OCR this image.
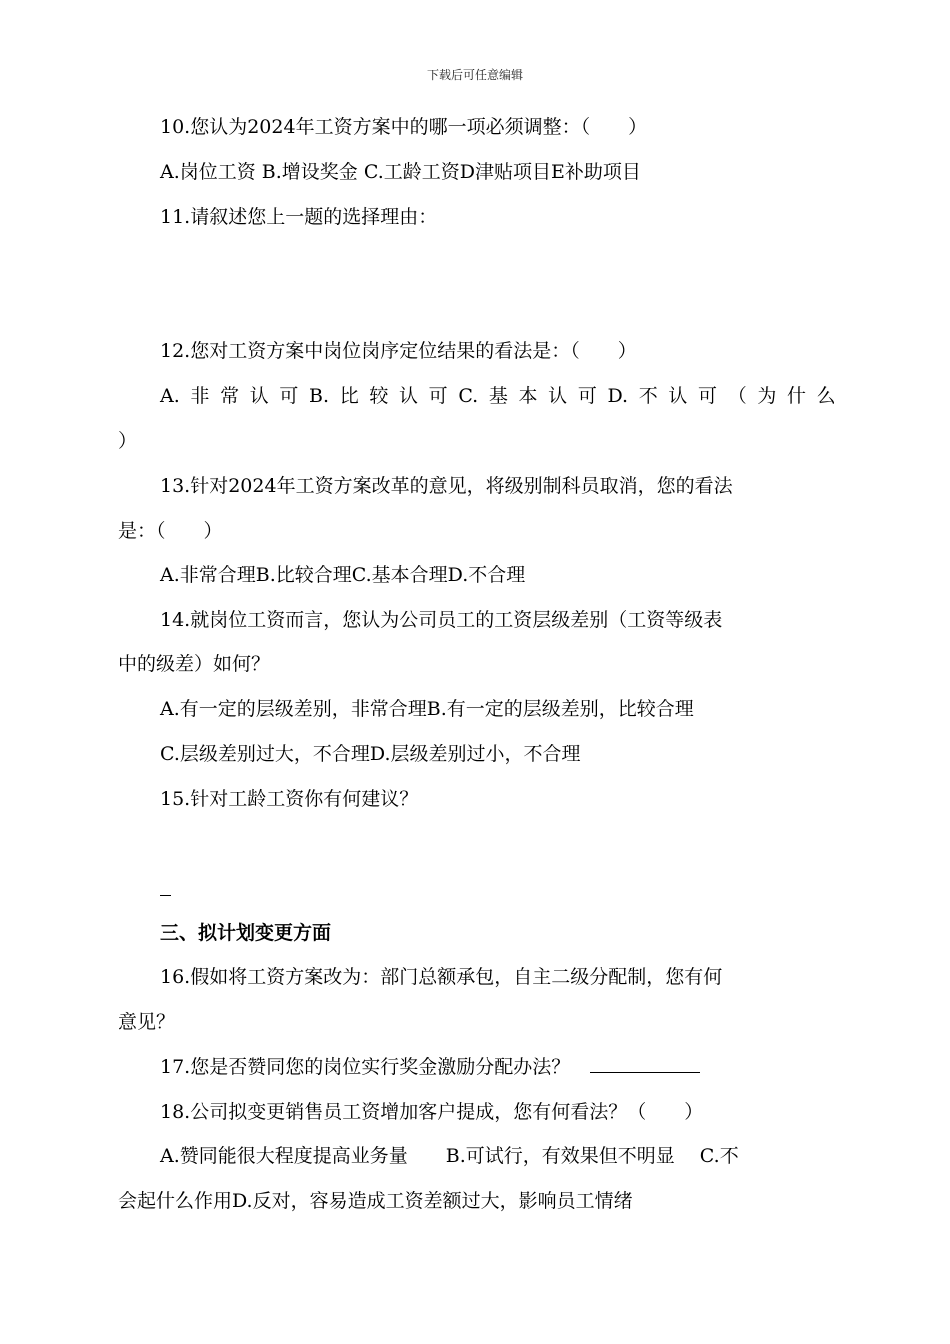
下载后可任意编辑
10.您认为2024年工资方案中的哪一项必须调整：（　　）
A.岗位工资 B.增设奖金 C.工龄工资D津贴项目E补助项目
11.请叙述您上一题的选择理由：
12.您对工资方案中岗位岗序定位结果的看法是：（　　）
A. 非 常 认 可 B. 比 较 认 可 C. 基 本 认 可 D. 不 认 可 （ 为 什 么
）
13.针对2024年工资方案改革的意见，将级别制科员取消，您的看法
是：（　　）
A.非常合理B.比较合理C.基本合理D.不合理
14.就岗位工资而言，您认为公司员工的工资层级差别（工资等级表
中的级差）如何？
A.有一定的层级差别，非常合理B.有一定的层级差别，比较合理
C.层级差别过大，不合理D.层级差别过小，不合理
15.针对工龄工资你有何建议？
三、拟计划变更方面
16.假如将工资方案改为：部门总额承包，自主二级分配制，您有何
意见？
17.您是否赞同您的岗位实行奖金激励分配办法？
18.公司拟变更销售员工资增加客户提成，您有何看法？（　　）
A.赞同能很大程度提高业务量　　B.可试行，有效果但不明显　 C.不
会起什么作用D.反对，容易造成工资差额过大，影响员工情绪
